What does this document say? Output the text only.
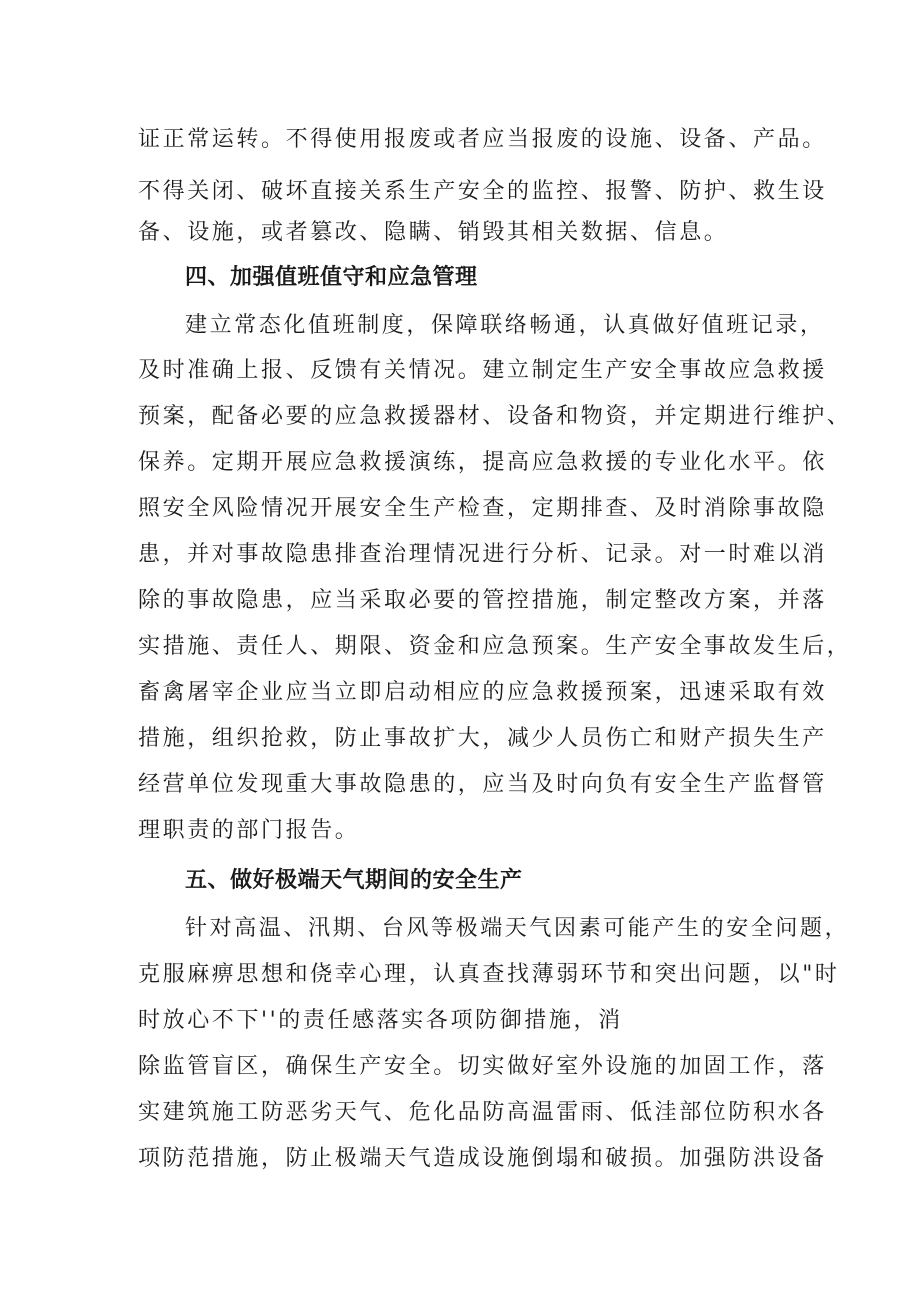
证正常运转。不得使用报废或者应当报废的设施、设备、产品。
不得关闭、破坏直接关系生产安全的监控、报警、防护、救生设
备、设施，或者篡改、隐瞒、销毁其相关数据、信息。
四、加强值班值守和应急管理
建立常态化值班制度，保障联络畅通，认真做好值班记录，
及时准确上报、反馈有关情况。建立制定生产安全事故应急救援
预案，配备必要的应急救援器材、设备和物资，并定期进行维护、
保养。定期开展应急救援演练，提高应急救援的专业化水平。依
照安全风险情况开展安全生产检查，定期排查、及时消除事故隐
患，并对事故隐患排查治理情况进行分析、记录。对一时难以消
除的事故隐患，应当采取必要的管控措施，制定整改方案，并落
实措施、责任人、期限、资金和应急预案。生产安全事故发生后，
畜禽屠宰企业应当立即启动相应的应急救援预案，迅速采取有效
措施，组织抢救，防止事故扩大，减少人员伤亡和财产损失生产
经营单位发现重大事故隐患的，应当及时向负有安全生产监督管
理职责的部门报告。
五、做好极端天气期间的安全生产
针对高温、汛期、台风等极端天气因素可能产生的安全问题，
克服麻痹思想和侥幸心理，认真查找薄弱环节和突出问题，以"时
时放心不下''的责任感落实各项防御措施，消
除监管盲区，确保生产安全。切实做好室外设施的加固工作，落
实建筑施工防恶劣天气、危化品防高温雷雨、低洼部位防积水各
项防范措施，防止极端天气造成设施倒塌和破损。加强防洪设备
